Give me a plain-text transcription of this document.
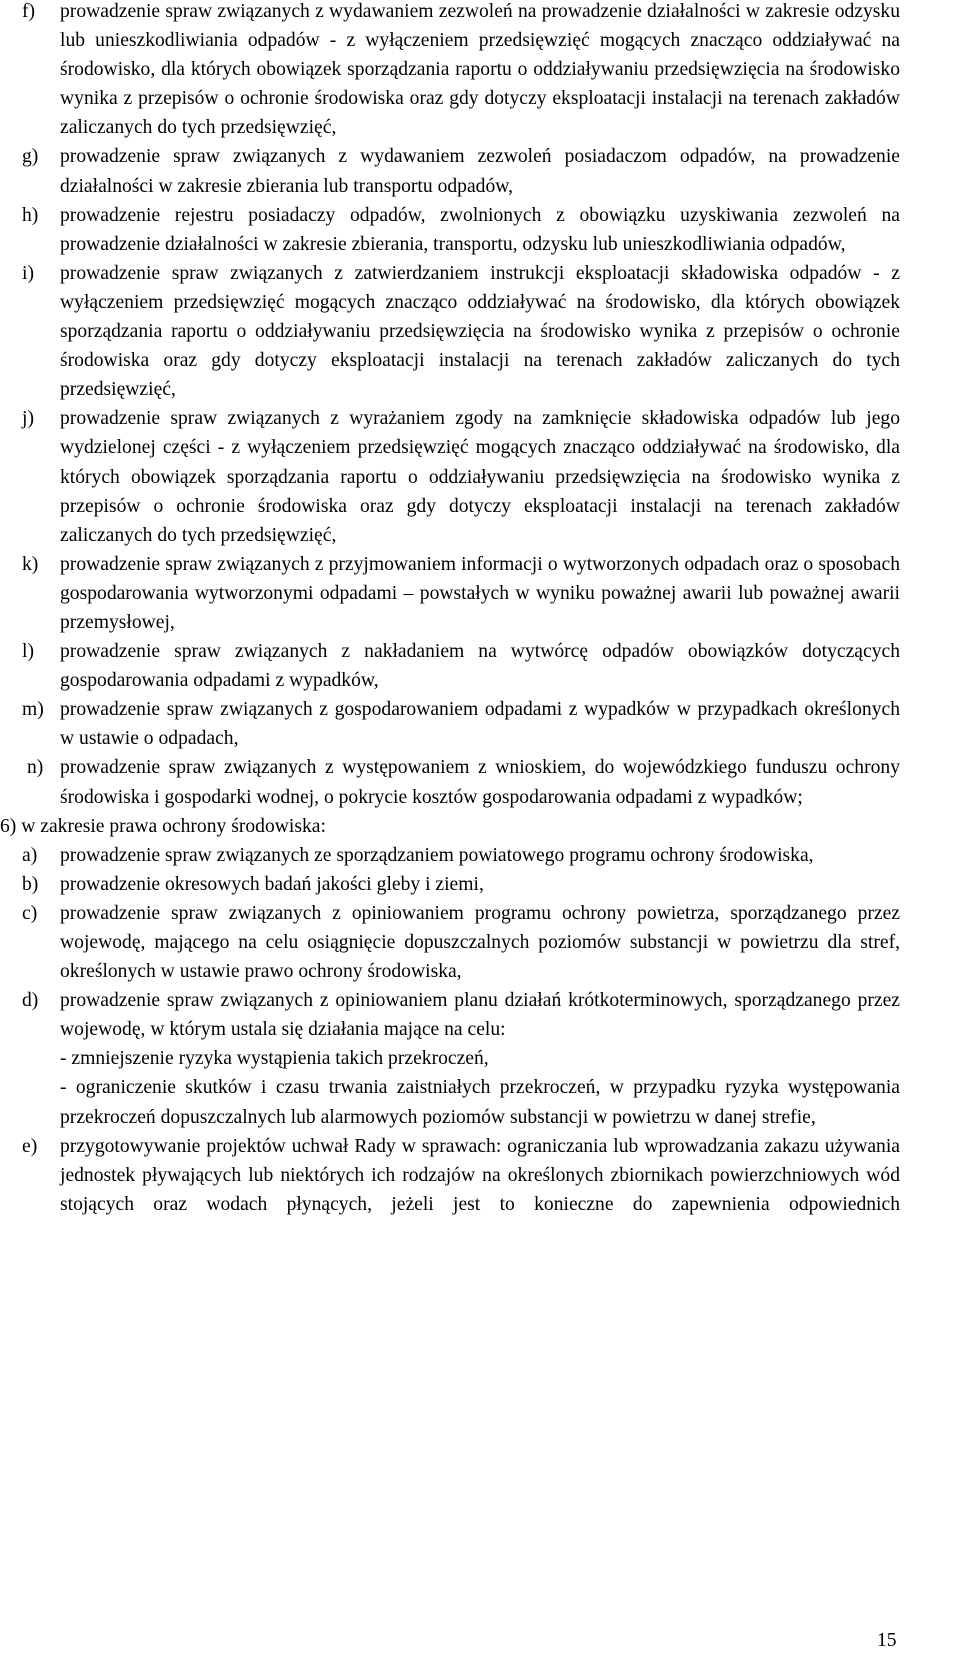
f) prowadzenie spraw związanych z wydawaniem zezwoleń na prowadzenie działalności w zakresie odzysku lub unieszkodliwiania odpadów - z wyłączeniem przedsięwzięć mogących znacząco oddziaływać na środowisko, dla których obowiązek sporządzania raportu o oddziaływaniu przedsięwzięcia na środowisko wynika z przepisów o ochronie środowiska oraz gdy dotyczy eksploatacji instalacji na terenach zakładów zaliczanych do tych przedsięwzięć,
g) prowadzenie spraw związanych z wydawaniem zezwoleń posiadaczom odpadów, na prowadzenie działalności w zakresie zbierania lub transportu odpadów,
h) prowadzenie rejestru posiadaczy odpadów, zwolnionych z obowiązku uzyskiwania zezwoleń na prowadzenie działalności w zakresie zbierania, transportu, odzysku lub unieszkodliwiania odpadów,
i) prowadzenie spraw związanych z zatwierdzaniem instrukcji eksploatacji składowiska odpadów - z wyłączeniem przedsięwzięć mogących znacząco oddziaływać na środowisko, dla których obowiązek sporządzania raportu o oddziaływaniu przedsięwzięcia na środowisko wynika z przepisów o ochronie środowiska oraz gdy dotyczy eksploatacji instalacji na terenach zakładów zaliczanych do tych przedsięwzięć,
j) prowadzenie spraw związanych z wyrażaniem zgody na zamknięcie składowiska odpadów lub jego wydzielonej części - z wyłączeniem przedsięwzięć mogących znacząco oddziaływać na środowisko, dla których obowiązek sporządzania raportu o oddziaływaniu przedsięwzięcia na środowisko wynika z przepisów o ochronie środowiska oraz gdy dotyczy eksploatacji instalacji na terenach zakładów zaliczanych do tych przedsięwzięć,
k) prowadzenie spraw związanych z przyjmowaniem informacji o wytworzonych odpadach oraz o sposobach gospodarowania wytworzonymi odpadami – powstałych w wyniku poważnej awarii lub poważnej awarii przemysłowej,
l) prowadzenie spraw związanych z nakładaniem na wytwórcę odpadów obowiązków dotyczących gospodarowania odpadami z wypadków,
m) prowadzenie spraw związanych z gospodarowaniem odpadami z wypadków w przypadkach określonych w ustawie o odpadach,
n) prowadzenie spraw związanych z występowaniem z wnioskiem, do wojewódzkiego funduszu ochrony środowiska i gospodarki wodnej, o pokrycie kosztów gospodarowania odpadami z wypadków;
6) w zakresie prawa ochrony środowiska:
a) prowadzenie spraw związanych ze sporządzaniem powiatowego programu ochrony środowiska,
b) prowadzenie okresowych badań jakości gleby i ziemi,
c) prowadzenie spraw związanych z opiniowaniem programu ochrony powietrza, sporządzanego przez wojewodę, mającego na celu osiągnięcie dopuszczalnych poziomów substancji w powietrzu dla stref, określonych w ustawie prawo ochrony środowiska,
d) prowadzenie spraw związanych z opiniowaniem planu działań krótkoterminowych, sporządzanego przez wojewodę, w którym ustala się działania mające na celu:
- zmniejszenie ryzyka wystąpienia takich przekroczeń,
- ograniczenie skutków i czasu trwania zaistniałych przekroczeń, w przypadku ryzyka występowania przekroczeń dopuszczalnych lub alarmowych poziomów substancji w powietrzu w danej strefie,
e) przygotowywanie projektów uchwał Rady w sprawach: ograniczania lub wprowadzania zakazu używania jednostek pływających lub niektórych ich rodzajów na określonych zbiornikach powierzchniowych wód stojących oraz wodach płynących, jeżeli jest to konieczne do zapewnienia odpowiednich
15
